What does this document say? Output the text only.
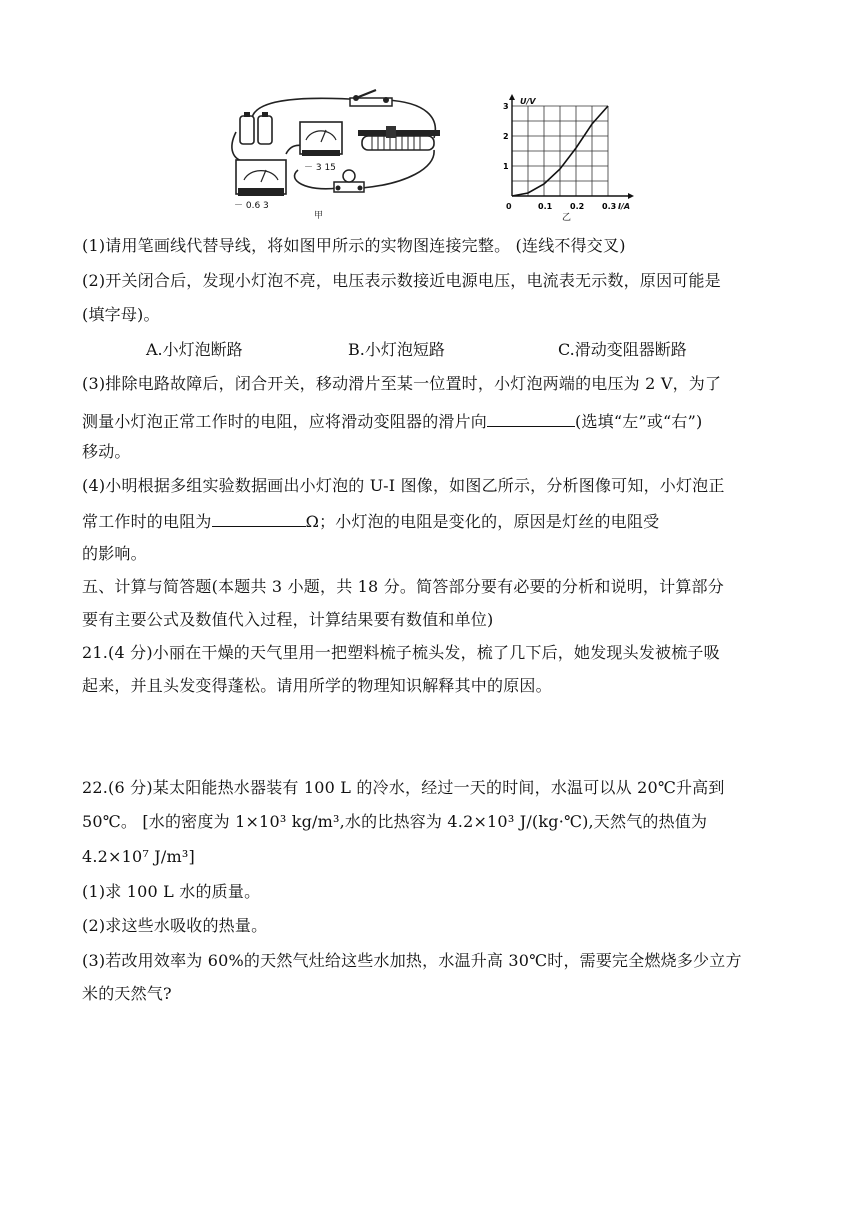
－ 3 15
－ 0.6 3
甲
0.1 0.2 0.3
1
2
3
U/V
I/A
0
乙
(1)请用笔画线代替导线，将如图甲所示的实物图连接完整。 (连线不得交叉)
(2)开关闭合后，发现小灯泡不亮，电压表示数接近电源电压，电流表无示数，原因可能是
(填字母)。
A.小灯泡断路	B.小灯泡短路	C.滑动变阻器断路
(3)排除电路故障后，闭合开关，移动滑片至某一位置时，小灯泡两端的电压为 2 V，为了
测量小灯泡正常工作时的电阻，应将滑动变阻器的滑片向	(选填“左”或“右”)
移动。
(4)小明根据多组实验数据画出小灯泡的 U-I 图像，如图乙所示，分析图像可知，小灯泡正
常工作时的电阻为	Ω；小灯泡的电阻是变化的，原因是灯丝的电阻受
的影响。
五、计算与简答题(本题共 3 小题，共 18 分。简答部分要有必要的分析和说明，计算部分
要有主要公式及数值代入过程，计算结果要有数值和单位)
21.(4 分)小丽在干燥的天气里用一把塑料梳子梳头发，梳了几下后，她发现头发被梳子吸
起来，并且头发变得蓬松。请用所学的物理知识解释其中的原因。
22.(6 分)某太阳能热水器装有 100 L 的冷水，经过一天的时间，水温可以从 20℃升高到
50℃。 [水的密度为 1×10³ kg/m³,水的比热容为 4.2×10³ J/(kg·℃),天然气的热值为
4.2×10⁷ J/m³]
(1)求 100 L 水的质量。
(2)求这些水吸收的热量。
(3)若改用效率为 60%的天然气灶给这些水加热，水温升高 30℃时，需要完全燃烧多少立方
米的天然气?
